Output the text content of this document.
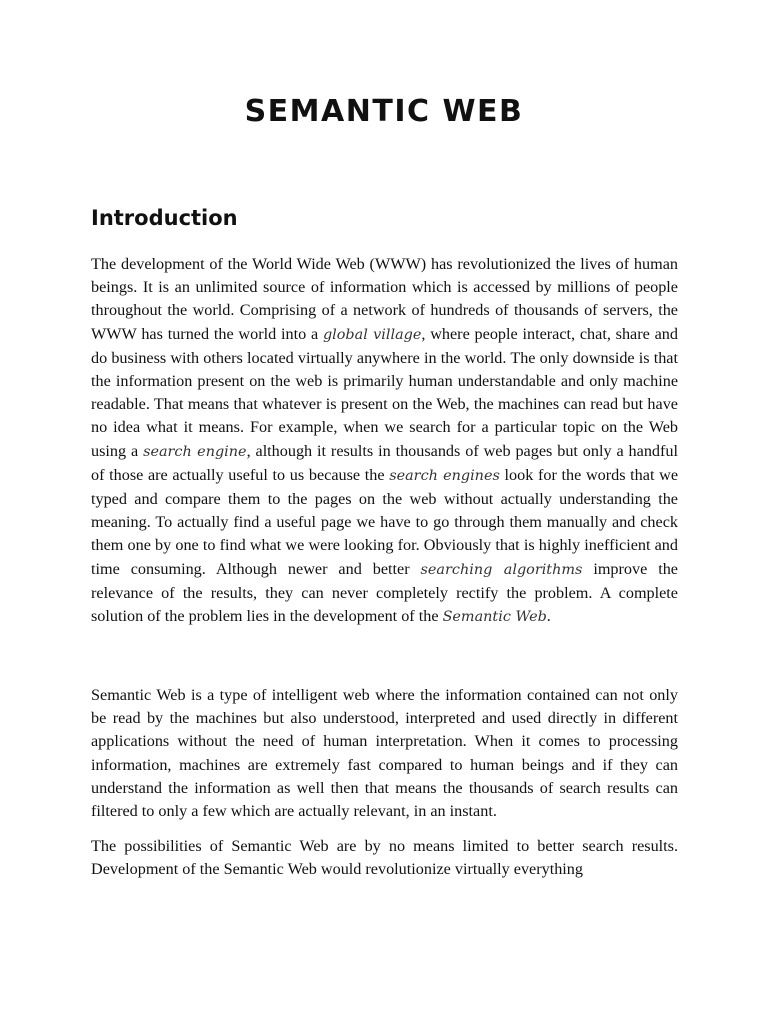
SEMANTIC WEB
Introduction

The development of the World Wide Web (WWW) has revolutionized the lives of human beings. It is an unlimited source of information which is accessed by millions of people throughout the world. Comprising of a network of hundreds of thousands of servers, the WWW has turned the world into a global village, where people interact, chat, share and do business with others located virtually anywhere in the world. The only downside is that the information present on the web is primarily human understandable and only machine readable. That means that whatever is present on the Web, the machines can read but have no idea what it means. For example, when we search for a particular topic on the Web using a search engine, although it results in thousands of web pages but only a handful of those are actually useful to us because the search engines look for the words that we typed and compare them to the pages on the web without actually understanding the meaning. To actually find a useful page we have to go through them manually and check them one by one to find what we were looking for. Obviously that is highly inefficient and time consuming. Although newer and better searching algorithms improve the relevance of the results, they can never completely rectify the problem. A complete solution of the problem lies in the development of the Semantic Web.

Semantic Web is a type of intelligent web where the information contained can not only be read by the machines but also understood, interpreted and used directly in different applications without the need of human interpretation. When it comes to processing information, machines are extremely fast compared to human beings and if they can understand the information as well then that means the thousands of search results can filtered to only a few which are actually relevant, in an instant.

The possibilities of Semantic Web are by no means limited to better search results. Development of the Semantic Web would revolutionize virtually everything
